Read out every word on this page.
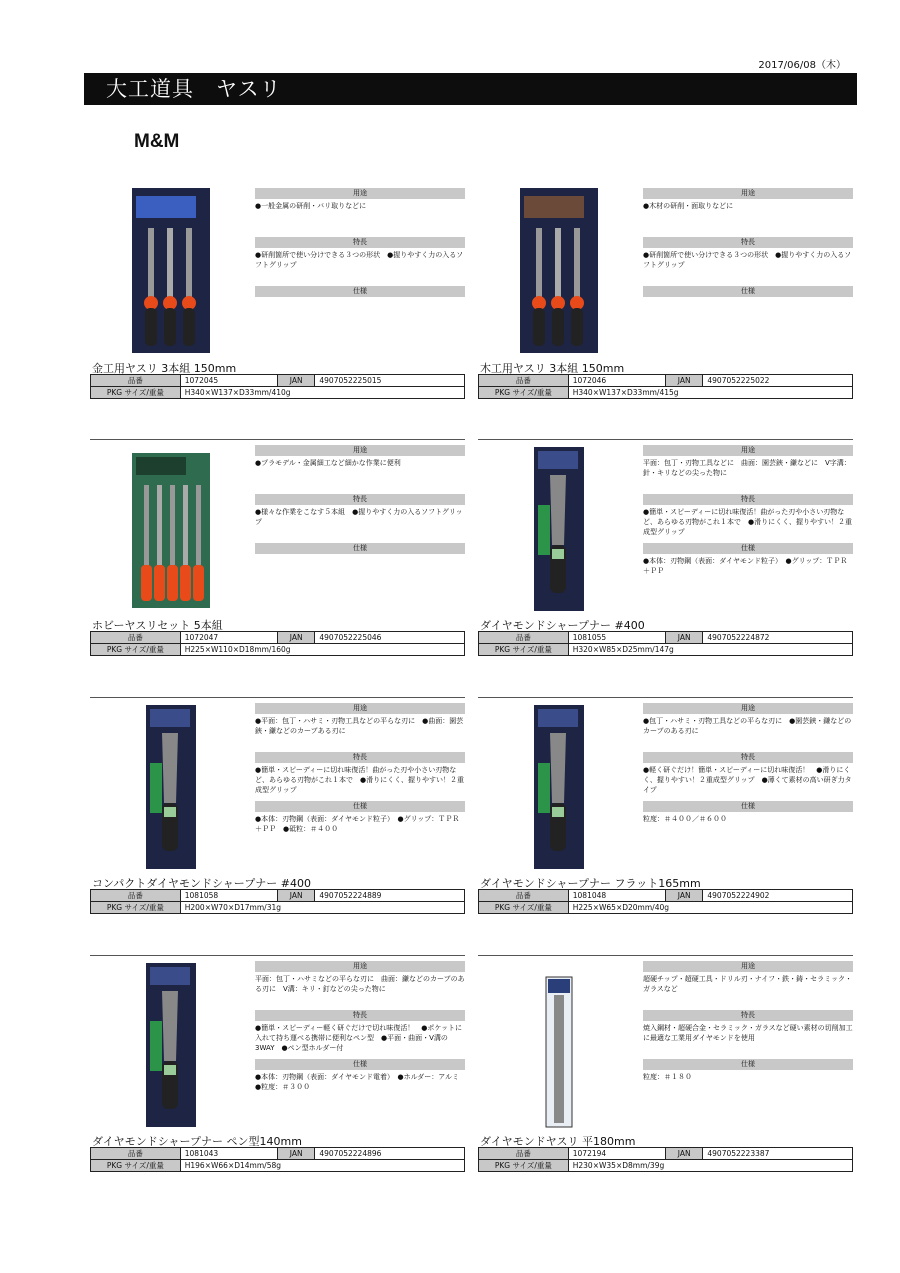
2017/06/08（木）
大工道具　ヤスリ
M&M
用途
●一般金属の研削・バリ取りなどに
特長
●研削箇所で使い分けできる３つの形状　●握りやすく力の入るソフトグリップ
仕様
金工用ヤスリ 3本組 150mm
品番	1072045	JAN	4907052225015
PKG サイズ/重量	H340×W137×D33mm/410g		
用途
●木材の研削・面取りなどに
特長
●研削箇所で使い分けできる３つの形状　●握りやすく力の入るソフトグリップ
仕様
木工用ヤスリ 3本組 150mm
品番	1072046	JAN	4907052225022
PKG サイズ/重量	H340×W137×D33mm/415g		
用途
●プラモデル・金属細工など細かな作業に便利
特長
●様々な作業をこなす５本組　●握りやすく力の入るソフトグリップ
仕様
ホビーヤスリセット 5本組
品番	1072047	JAN	4907052225046
PKG サイズ/重量	H225×W110×D18mm/160g		
用途
平面：包丁・刃物工具などに　曲面：園芸鋏・鎌などに　V字溝：針・キリなどの尖った物に
特長
●簡単・スピーディーに切れ味復活！曲がった刃や小さい刃物など、あらゆる刃物がこれ１本で　●滑りにくく、握りやすい！２重成型グリップ
仕様
●本体：刃物鋼（表面：ダイヤモンド粒子）　●グリップ：ＴＰＲ＋ＰＰ
ダイヤモンドシャープナー #400
品番	1081055	JAN	4907052224872
PKG サイズ/重量	H320×W85×D25mm/147g		
用途
●平面：包丁・ハサミ・刃物工具などの平らな刃に　●曲面：園芸鋏・鎌などのカーブある刃に
特長
●簡単・スピーディーに切れ味復活！曲がった刃や小さい刃物など、あらゆる刃物がこれ１本で　●滑りにくく、握りやすい！２重成型グリップ
仕様
●本体：刃物鋼（表面：ダイヤモンド粒子）　●グリップ：ＴＰＲ＋ＰＰ　●砥粒：＃４００
コンパクトダイヤモンドシャープナー #400
品番	1081058	JAN	4907052224889
PKG サイズ/重量	H200×W70×D17mm/31g		
用途
●包丁・ハサミ・刃物工具などの平らな刃に　●園芸鋏・鎌などのカーブのある刃に
特長
●軽く研ぐだけ！簡単・スピーディーに切れ味復活！　●滑りにくく、握りやすい！２重成型グリップ　●薄くて素材の高い研ぎ力タイプ
仕様
粒度：＃４００／＃６００
ダイヤモンドシャープナー フラット165mm
品番	1081048	JAN	4907052224902
PKG サイズ/重量	H225×W65×D20mm/40g		
用途
平面：包丁・ハサミなどの平らな刃に　曲面：鎌などのカーブのある刃に　V溝：キリ・釘などの尖った物に
特長
●簡単・スピーディー軽く研ぐだけで切れ味復活！　●ポケットに入れて持ち運べる携帯に便利なペン型　●平面・曲面・V溝の3WAY　●ペン型ホルダー付
仕様
●本体：刃物鋼（表面：ダイヤモンド電着）　●ホルダー：アルミ　●粒度：＃３００
ダイヤモンドシャープナー ペン型140mm
品番	1081043	JAN	4907052224896
PKG サイズ/重量	H196×W66×D14mm/58g		
用途
超硬チップ・超硬工具・ドリル刃・ナイフ・鉄・鋳・セラミック・ガラスなど
特長
焼入鋼材・超硬合金・セラミック・ガラスなど硬い素材の切削加工に最適な工業用ダイヤモンドを使用
仕様
粒度：＃１８０
ダイヤモンドヤスリ 平180mm
品番	1072194	JAN	4907052223387
PKG サイズ/重量	H230×W35×D8mm/39g		
